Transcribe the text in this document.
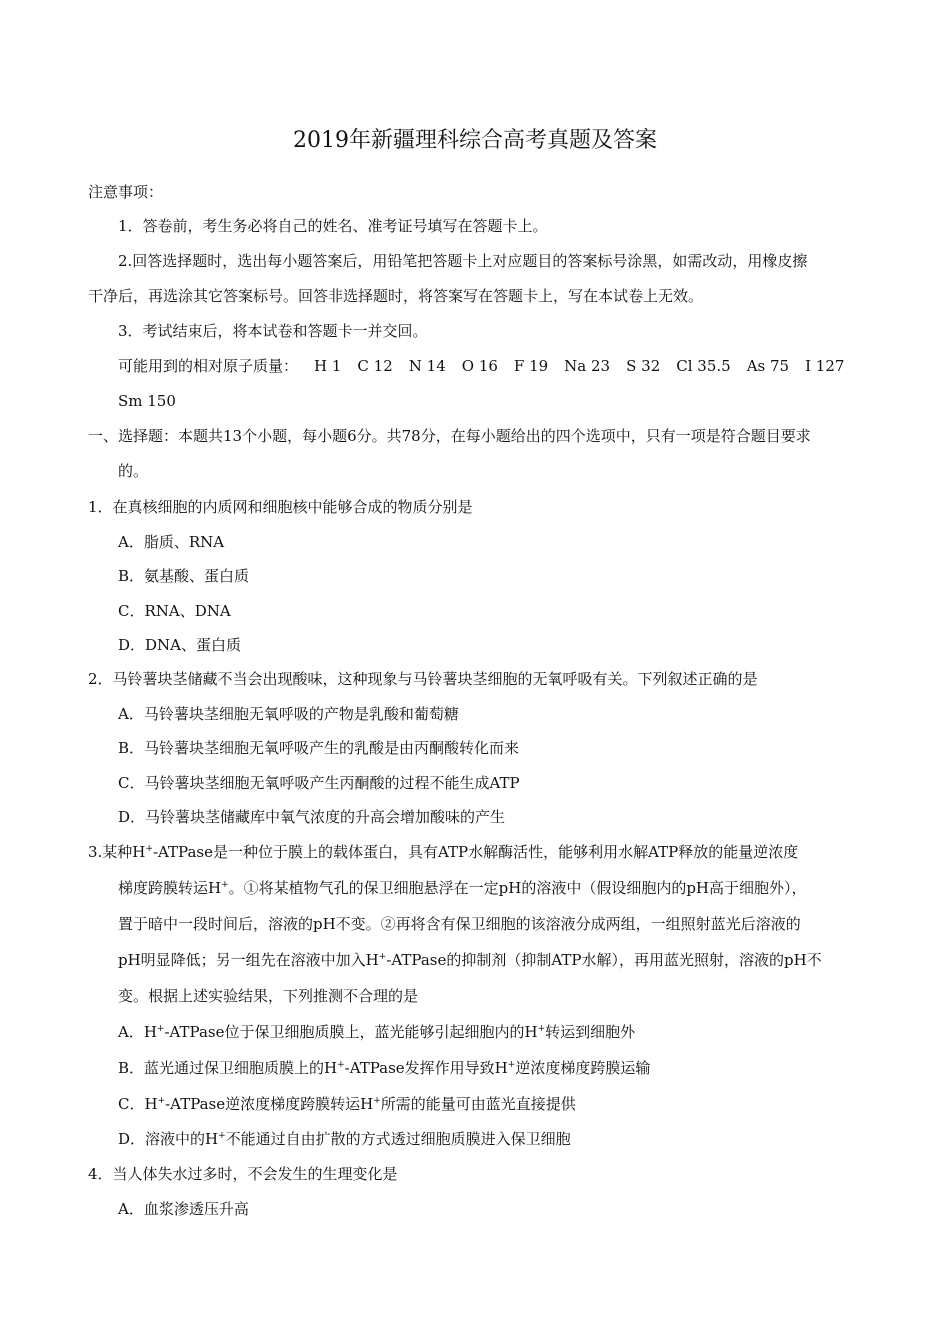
2019年新疆理科综合高考真题及答案
注意事项：
1．答卷前，考生务必将自己的姓名、准考证号填写在答题卡上。
2.回答选择题时，选出每小题答案后，用铅笔把答题卡上对应题目的答案标号涂黑，如需改动，用橡皮擦
干净后，再选涂其它答案标号。回答非选择题时，将答案写在答题卡上，写在本试卷上无效。
3．考试结束后，将本试卷和答题卡一并交回。
可能用到的相对原子质量： H 1 C 12 N 14 O 16 F 19 Na 23 S 32 Cl 35.5 As 75 I 127
Sm 150
一、选择题：本题共13个小题，每小题6分。共78分，在每小题给出的四个选项中，只有一项是符合题目要求
的。
1．在真核细胞的内质网和细胞核中能够合成的物质分别是
A．脂质、RNA
B．氨基酸、蛋白质
C．RNA、DNA
D．DNA、蛋白质
2．马铃薯块茎储藏不当会出现酸味，这种现象与马铃薯块茎细胞的无氧呼吸有关。下列叙述正确的是
A．马铃薯块茎细胞无氧呼吸的产物是乳酸和葡萄糖
B．马铃薯块茎细胞无氧呼吸产生的乳酸是由丙酮酸转化而来
C．马铃薯块茎细胞无氧呼吸产生丙酮酸的过程不能生成ATP
D．马铃薯块茎储藏库中氧气浓度的升高会增加酸味的产生
3.某种H+-ATPase是一种位于膜上的载体蛋白，具有ATP水解酶活性，能够利用水解ATP释放的能量逆浓度
梯度跨膜转运H+。①将某植物气孔的保卫细胞悬浮在一定pH的溶液中（假设细胞内的pH高于细胞外），
置于暗中一段时间后，溶液的pH不变。②再将含有保卫细胞的该溶液分成两组，一组照射蓝光后溶液的
pH明显降低；另一组先在溶液中加入H+-ATPase的抑制剂（抑制ATP水解），再用蓝光照射，溶液的pH不
变。根据上述实验结果，下列推测不合理的是
A．H+-ATPase位于保卫细胞质膜上，蓝光能够引起细胞内的H+转运到细胞外
B．蓝光通过保卫细胞质膜上的H+-ATPase发挥作用导致H+逆浓度梯度跨膜运输
C．H+-ATPase逆浓度梯度跨膜转运H+所需的能量可由蓝光直接提供
D．溶液中的H+不能通过自由扩散的方式透过细胞质膜进入保卫细胞
4．当人体失水过多时，不会发生的生理变化是
A．血浆渗透压升高
